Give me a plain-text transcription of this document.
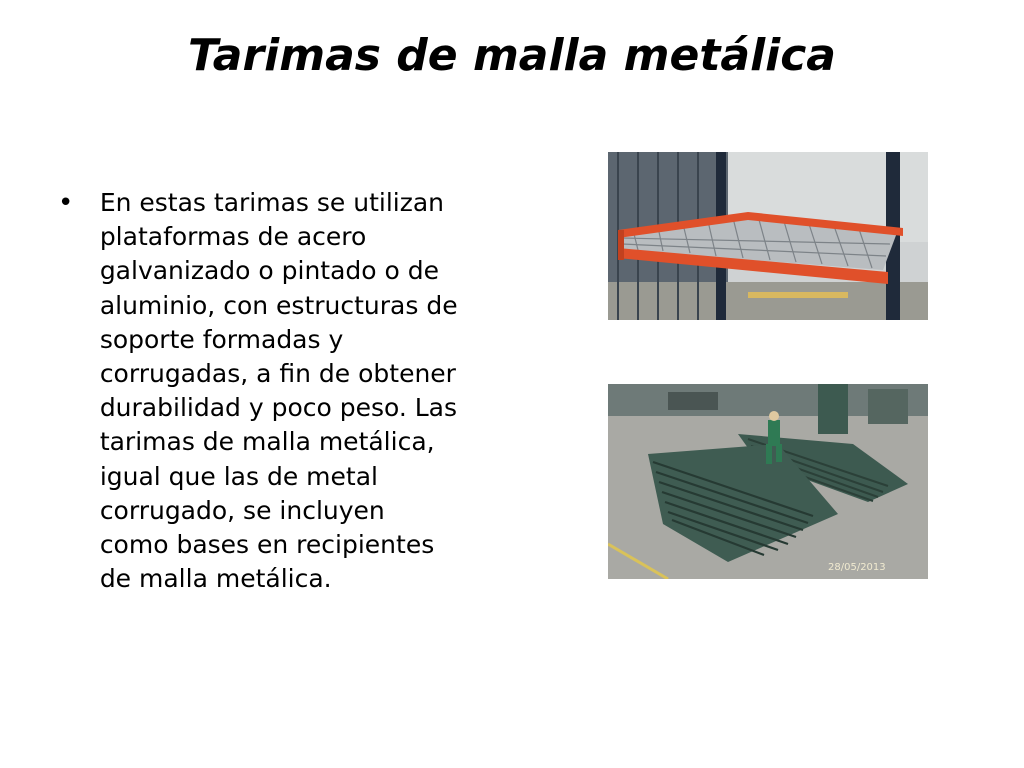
Tarimas de malla metálica
•	En estas tarimas se utilizan
plataformas de acero
galvanizado o pintado o de
aluminio, con estructuras de
soporte formadas y
corrugadas, a fin de obtener
durabilidad y poco peso. Las
tarimas de malla metálica,
igual que las de metal
corrugado, se incluyen
como bases en recipientes
de malla metálica.	28/05/2013
